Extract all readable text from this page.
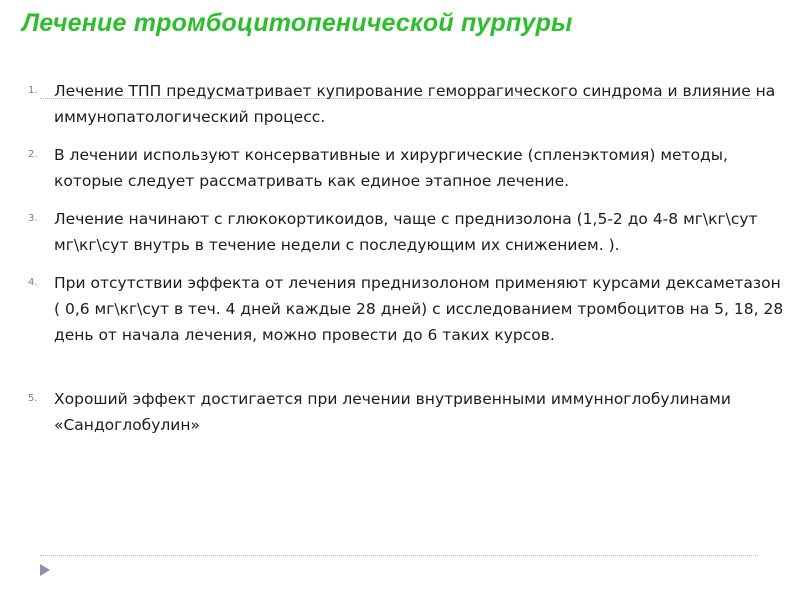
Лечение тромбоцитопенической пурпуры
1. Лечение ТПП предусматривает купирование геморрагического синдрома и влияние на иммунопатологический процесс.
2. В лечении используют консервативные и хирургические (спленэктомия) методы, которые следует рассматривать как единое этапное лечение.
3. Лечение начинают с глюкокортикоидов, чаще с преднизолона (1,5-2 до 4-8 мг\кг\сут мг\кг\сут внутрь в течение недели с последующим их снижением. ).
4. При отсутствии эффекта от лечения преднизолоном применяют курсами дексаметазон ( 0,6 мг\кг\сут в теч. 4 дней каждые 28 дней) с исследованием тромбоцитов на 5, 18, 28 день от начала лечения, можно провести до 6 таких курсов.
5. Хороший эффект достигается при лечении внутривенными иммунноглобулинами «Сандоглобулин»
